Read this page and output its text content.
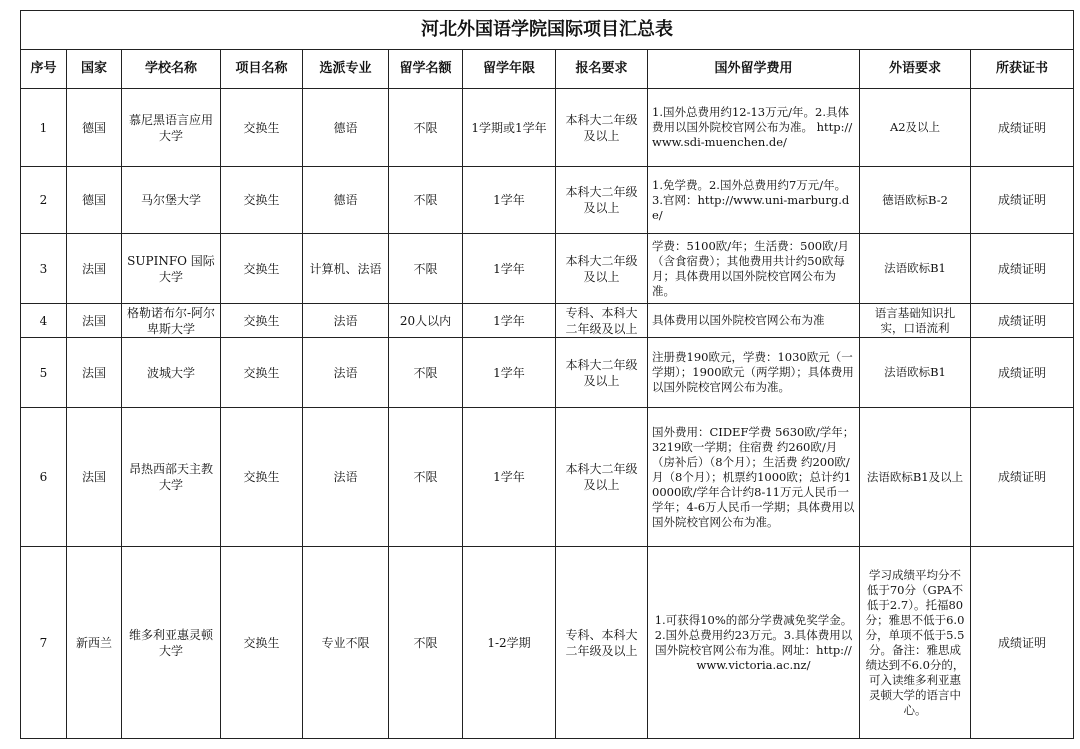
河北外国语学院国际项目汇总表										
序号	国家	学校名称	项目名称	选派专业	留学名额	留学年限	报名要求	国外留学费用	外语要求	所获证书
1	德国	慕尼黑语言应用大学	交换生	德语	不限	1学期或1学年	本科大二年级及以上	1.国外总费用约12-13万元/年。2.具体费用以国外院校官网公布为准。 http://www.sdi-muenchen.de/	A2及以上	成绩证明
2	德国	马尔堡大学	交换生	德语	不限	1学年	本科大二年级及以上	1.免学费。2.国外总费用约7万元/年。3.官网：http://www.uni-marburg.de/	德语欧标B-2	成绩证明
3	法国	SUPINFO 国际大学	交换生	计算机、法语	不限	1学年	本科大二年级及以上	学费：5100欧/年；生活费：500欧/月（含食宿费）；其他费用共计约50欧每月；具体费用以国外院校官网公布为准。	法语欧标B1	成绩证明
4	法国	格勒诺布尔-阿尔卑斯大学	交换生	法语	20人以内	1学年	专科、本科大二年级及以上	具体费用以国外院校官网公布为准	语言基础知识扎实，口语流利	成绩证明
5	法国	波城大学	交换生	法语	不限	1学年	本科大二年级及以上	注册费190欧元，学费：1030欧元（一学期）；1900欧元（两学期）；具体费用以国外院校官网公布为准。	法语欧标B1	成绩证明
6	法国	昂热西部天主教大学	交换生	法语	不限	1学年	本科大二年级及以上	国外费用：CIDEF学费 5630欧/学年；3219欧一学期；住宿费 约260欧/月（房补后）（8个月）；生活费 约200欧/月（8个月）；机票约1000欧；总计约10000欧/学年合计约8-11万元人民币一学年；4-6万人民币一学期；具体费用以国外院校官网公布为准。	法语欧标B1及以上	成绩证明
7	新西兰	维多利亚惠灵顿大学	交换生	专业不限	不限	1-2学期	专科、本科大二年级及以上	1.可获得10%的部分学费减免奖学金。2.国外总费用约23万元。3.具体费用以国外院校官网公布为准。网址：http://www.victoria.ac.nz/	学习成绩平均分不低于70分（GPA不低于2.7）。托福80分；雅思不低于6.0分，单项不低于5.5分。备注：雅思成绩达到不6.0分的，可入读维多利亚惠灵顿大学的语言中心。	成绩证明
